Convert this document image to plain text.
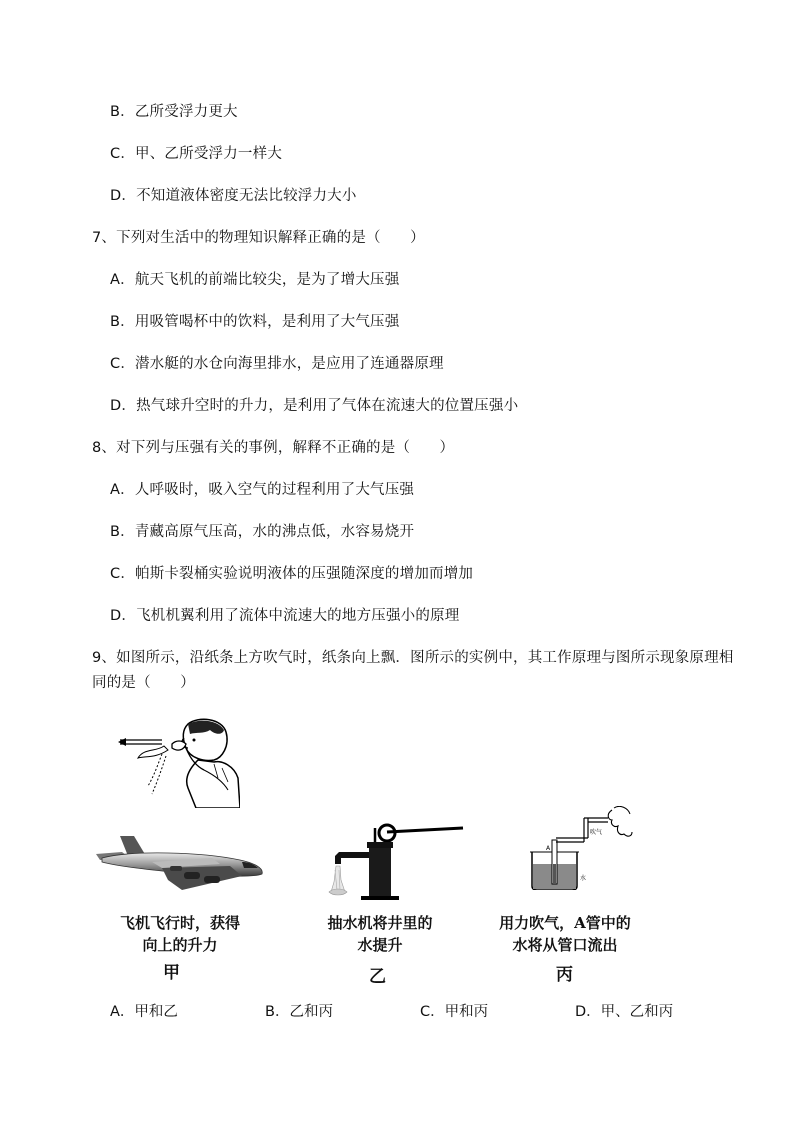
B．乙所受浮力更大
C．甲、乙所受浮力一样大
D．不知道液体密度无法比较浮力大小
7、下列对生活中的物理知识解释正确的是（　　）
A．航天飞机的前端比较尖，是为了增大压强
B．用吸管喝杯中的饮料，是利用了大气压强
C．潜水艇的水仓向海里排水，是应用了连通器原理
D．热气球升空时的升力，是利用了气体在流速大的位置压强小
8、对下列与压强有关的事例，解释不正确的是（　　）
A．人呼吸时，吸入空气的过程利用了大气压强
B．青藏高原气压高，水的沸点低，水容易烧开
C．帕斯卡裂桶实验说明液体的压强随深度的增加而增加
D．飞机机翼利用了流体中流速大的地方压强小的原理
9、如图所示，沿纸条上方吹气时，纸条向上飘．图所示的实例中，其工作原理与图所示现象原理相
同的是（　　）
A
吹气
水
飞机飞行时，获得
向上的升力
甲
抽水机将井里的
水提升
乙
用力吹气，A管中的
水将从管口流出
丙
A．甲和乙	B．乙和丙	C．甲和丙	D．甲、乙和丙
